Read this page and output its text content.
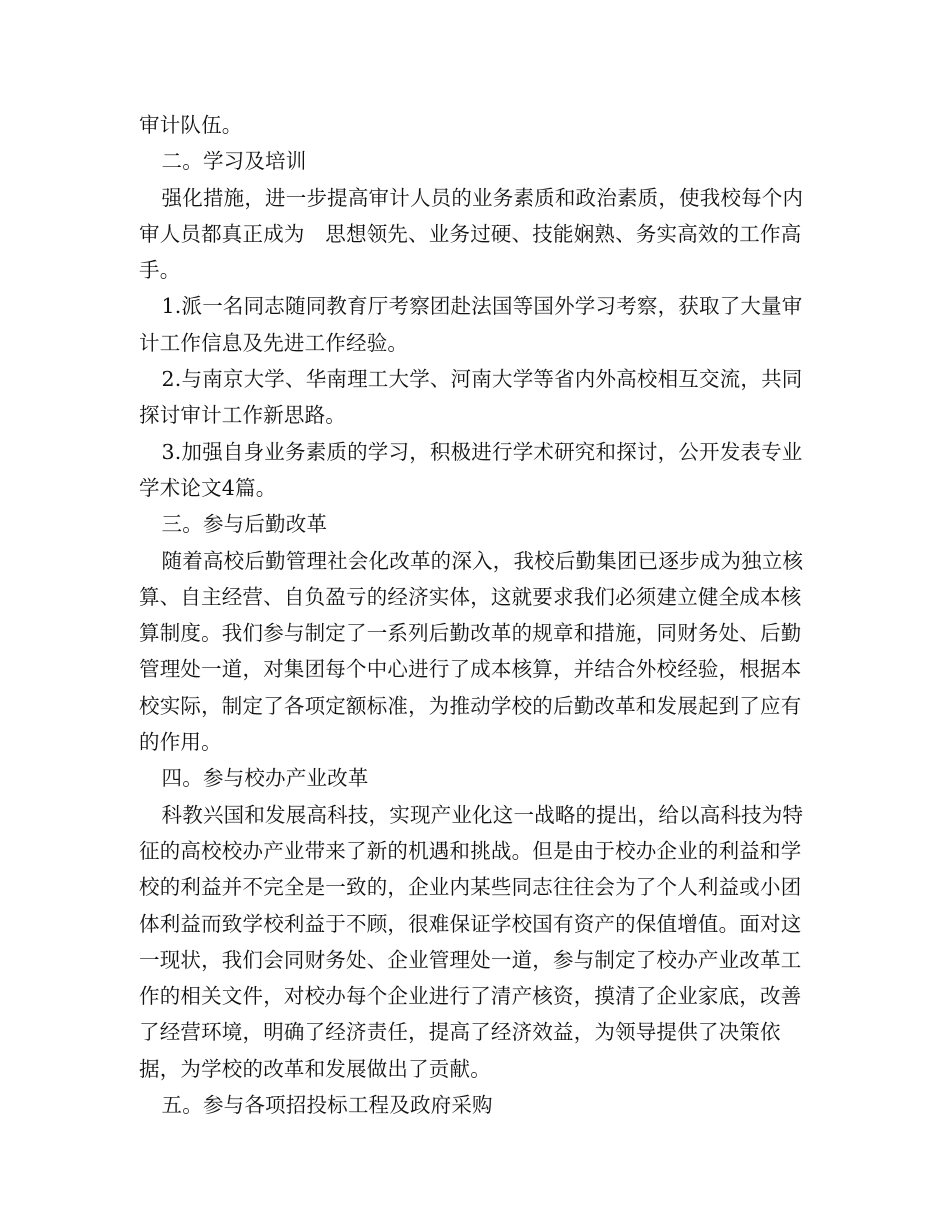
审计队伍。

二。学习及培训

强化措施，进一步提高审计人员的业务素质和政治素质，使我校每个内审人员都真正成为　思想领先、业务过硬、技能娴熟、务实高效的工作高手。

1.派一名同志随同教育厅考察团赴法国等国外学习考察，获取了大量审计工作信息及先进工作经验。

2.与南京大学、华南理工大学、河南大学等省内外高校相互交流，共同探讨审计工作新思路。

3.加强自身业务素质的学习，积极进行学术研究和探讨，公开发表专业学术论文4篇。

三。参与后勤改革

随着高校后勤管理社会化改革的深入，我校后勤集团已逐步成为独立核算、自主经营、自负盈亏的经济实体，这就要求我们必须建立健全成本核算制度。我们参与制定了一系列后勤改革的规章和措施，同财务处、后勤管理处一道，对集团每个中心进行了成本核算，并结合外校经验，根据本校实际，制定了各项定额标准，为推动学校的后勤改革和发展起到了应有的作用。

四。参与校办产业改革

科教兴国和发展高科技，实现产业化这一战略的提出，给以高科技为特征的高校校办产业带来了新的机遇和挑战。但是由于校办企业的利益和学校的利益并不完全是一致的，企业内某些同志往往会为了个人利益或小团体利益而致学校利益于不顾，很难保证学校国有资产的保值增值。面对这一现状，我们会同财务处、企业管理处一道，参与制定了校办产业改革工作的相关文件，对校办每个企业进行了清产核资，摸清了企业家底，改善了经营环境，明确了经济责任，提高了经济效益，为领导提供了决策依据，为学校的改革和发展做出了贡献。

五。参与各项招投标工程及政府采购
